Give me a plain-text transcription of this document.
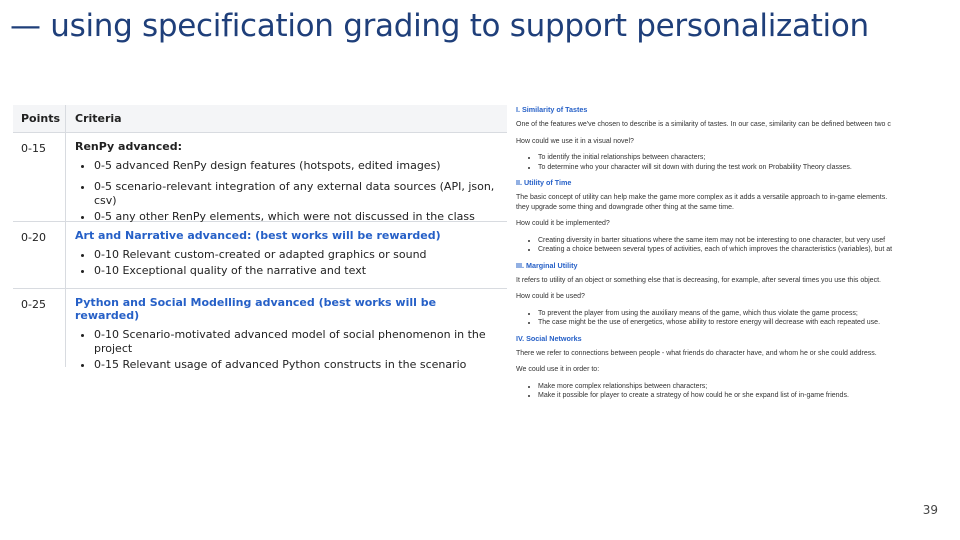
— using specification grading to support personalization
Points	Criteria
0-15	RenPy advanced:
• 0-5 advanced RenPy design features (hotspots, edited images)
• 0-5 scenario-relevant integration of any external data sources (API, json, csv)
• 0-5 any other RenPy elements, which were not discussed in the class
0-20	Art and Narrative advanced: (best works will be rewarded)
• 0-10 Relevant custom-created or adapted graphics or sound
• 0-10 Exceptional quality of the narrative and text
0-25	Python and Social Modelling advanced (best works will be rewarded)
• 0-10 Scenario-motivated advanced model of social phenomenon in the project
• 0-15 Relevant usage of advanced Python constructs in the scenario
I. Similarity of Tastes

One of the features we've chosen to describe is a similarity of tastes. In our case, similarity can be defined between two c

How could we use it in a visual novel?

• To identify the initial relationships between characters;
• To determine who your character will sit down with during the test work on Probability Theory classes.
II. Utility of Time

The basic concept of utility can help make the game more complex as it adds a versatile approach to in-game elements.
they upgrade some thing and downgrade other thing at the same time.

How could it be implemented?

• Creating diversity in barter situations where the same item may not be interesting to one character, but very usef
• Creating a choice between several types of activities, each of which improves the characteristics (variables), but at
III. Marginal Utility

It refers to utility of an object or something else that is decreasing, for example, after several times you use this object.

How could it be used?

• To prevent the player from using the auxiliary means of the game, which thus violate the game process;
• The case might be the use of energetics, whose ability to restore energy will decrease with each repeated use.
IV. Social Networks

There we refer to connections between people - what friends do character have, and whom he or she could address.

We could use it in order to:

• Make more complex relationships between characters;
• Make it possible for player to create a strategy of how could he or she expand list of in-game friends.
39
